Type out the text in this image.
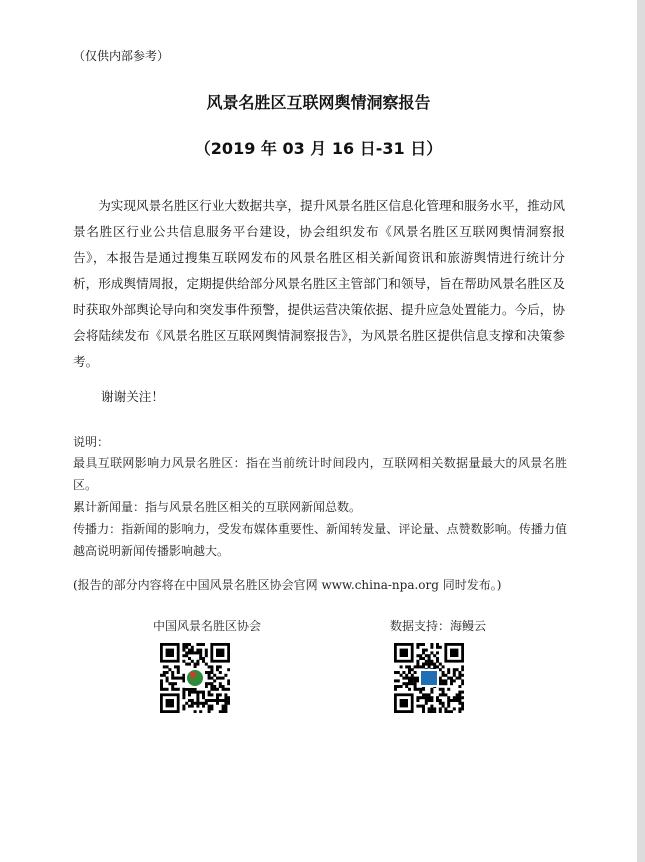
（仅供内部参考）
风景名胜区互联网舆情洞察报告
（2019 年 03 月 16 日-31 日）

为实现风景名胜区行业大数据共享，提升风景名胜区信息化管理和服务水平，推动风景名胜区行业公共信息服务平台建设，协会组织发布《风景名胜区互联网舆情洞察报告》，本报告是通过搜集互联网发布的风景名胜区相关新闻资讯和旅游舆情进行统计分析，形成舆情周报，定期提供给部分风景名胜区主管部门和领导，旨在帮助风景名胜区及时获取外部舆论导向和突发事件预警，提供运营决策依据、提升应急处置能力。今后，协会将陆续发布《风景名胜区互联网舆情洞察报告》，为风景名胜区提供信息支撑和决策参考。

谢谢关注！
说明：

最具互联网影响力风景名胜区：指在当前统计时间段内，互联网相关数据量最大的风景名胜区。

累计新闻量：指与风景名胜区相关的互联网新闻总数。

传播力：指新闻的影响力，受发布媒体重要性、新闻转发量、评论量、点赞数影响。传播力值越高说明新闻传播影响越大。

(报告的部分内容将在中国风景名胜区协会官网 www.china-npa.org 同时发布。)
中国风景名胜区协会	数据支持：海鳗云
